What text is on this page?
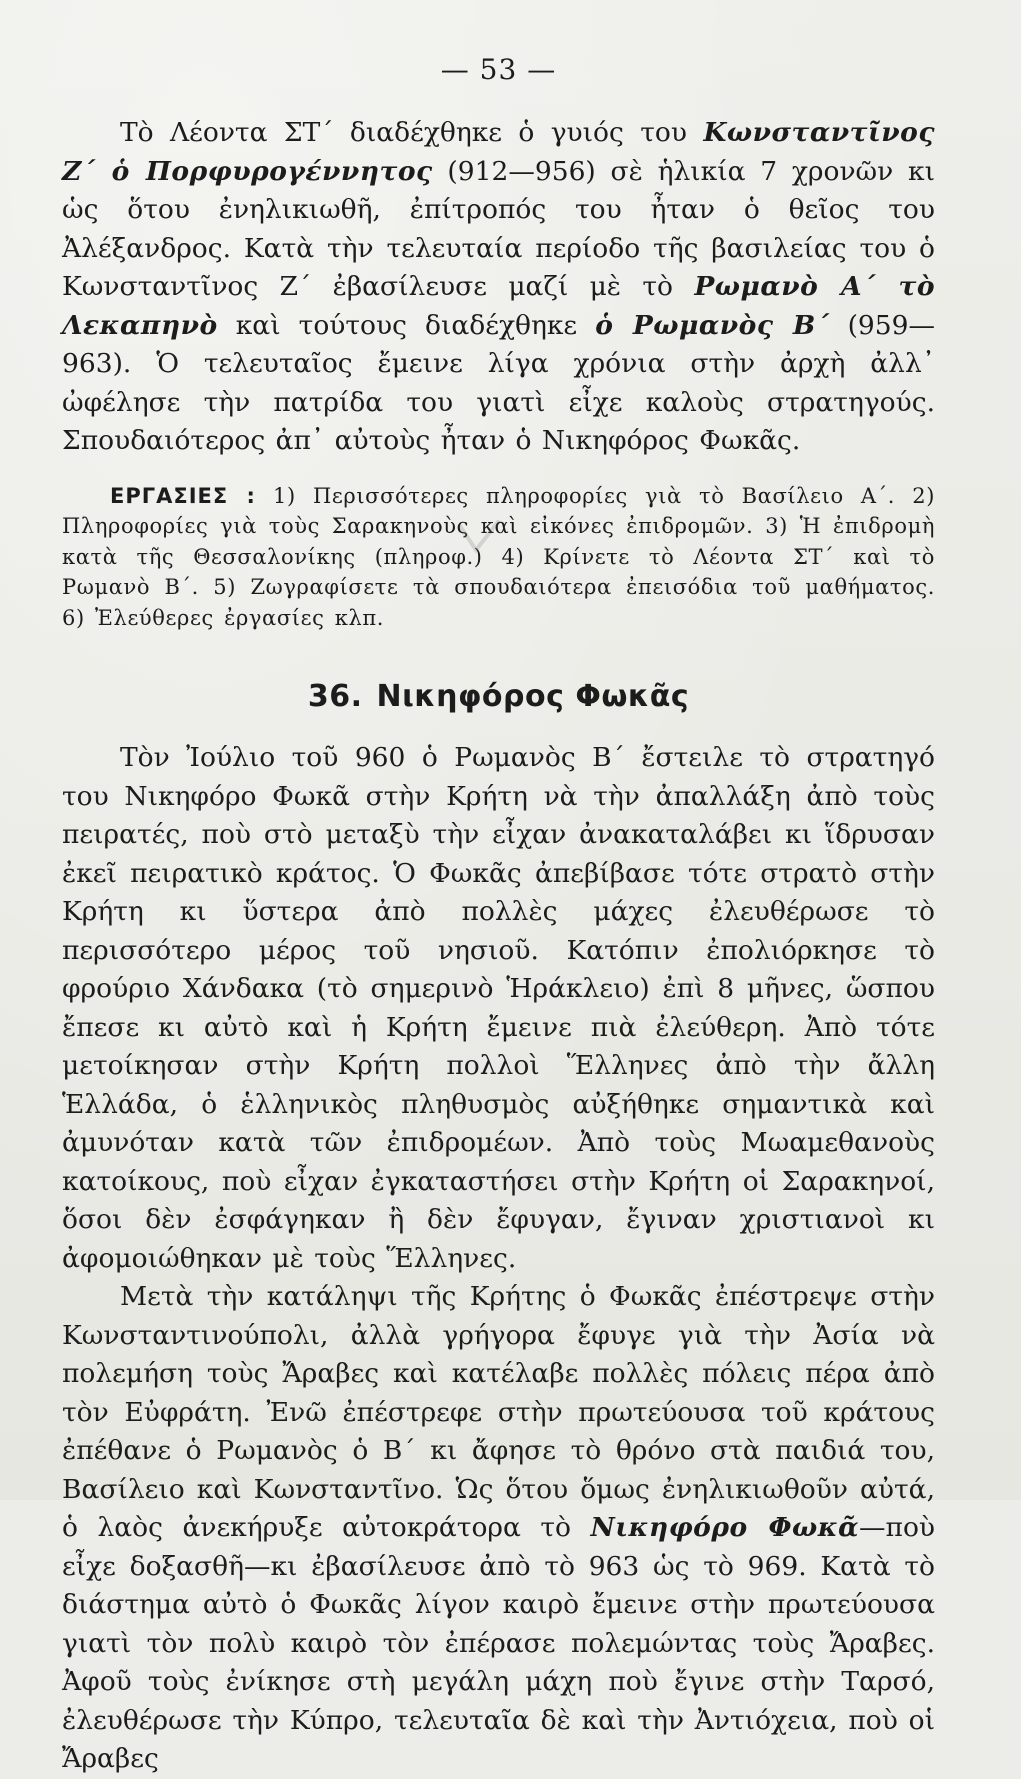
— 53 —

Τὸ Λέοντα ΣΤ΄ διαδέχθηκε ὁ γυιός του Κωνσταντῖνος Ζ΄ ὁ Πορφυρογέννητος (912—956) σὲ ἡλικία 7 χρονῶν κι ὡς ὅτου ἐνηλικιωθῆ, ἐπίτροπός του ἦταν ὁ θεῖος του Ἀλέξανδρος. Κατὰ τὴν τελευταία περίοδο τῆς βασιλείας του ὁ Κωνσταντῖνος Ζ΄ ἐβασίλευσε μαζί μὲ τὸ Ρωμανὸ Α΄ τὸ Λεκαπηνὸ καὶ τούτους διαδέχθηκε ὁ Ρωμανὸς Β΄ (959—963). Ὁ τελευταῖος ἔμεινε λίγα χρόνια στὴν ἀρχὴ ἀλλ᾿ ὠφέλησε τὴν πατρίδα του γιατὶ εἶχε καλοὺς στρατηγούς. Σπουδαιότερος ἀπ᾿ αὐτοὺς ἦταν ὁ Νικηφόρος Φωκᾶς.

ΕΡΓΑΣΙΕΣ : 1) Περισσότερες πληροφορίες γιὰ τὸ Βασίλειο Α΄. 2) Πληροφορίες γιὰ τοὺς Σαρακηνοὺς καὶ εἰκόνες ἐπιδρομῶν. 3) Ἡ ἐπιδρομὴ κατὰ τῆς Θεσσαλονίκης (πληροφ.) 4) Κρίνετε τὸ Λέοντα ΣΤ΄ καὶ τὸ Ρωμανὸ Β΄. 5) Ζωγραφίσετε τὰ σπουδαιότερα ἐπεισόδια τοῦ μαθήματος. 6) Ἐλεύθερες ἐργασίες κλπ.

36. Νικηφόρος Φωκᾶς

Τὸν Ἰούλιο τοῦ 960 ὁ Ρωμανὸς Β΄ ἔστειλε τὸ στρατηγό του Νικηφόρο Φωκᾶ στὴν Κρήτη νὰ τὴν ἀπαλλάξη ἀπὸ τοὺς πειρατές, ποὺ στὸ μεταξὺ τὴν εἶχαν ἀνακαταλάβει κι ἵδρυσαν ἐκεῖ πειρατικὸ κράτος. Ὁ Φωκᾶς ἀπεβίβασε τότε στρατὸ στὴν Κρήτη κι ὕστερα ἀπὸ πολλὲς μάχες ἐλευθέρωσε τὸ περισσότερο μέρος τοῦ νησιοῦ. Κατόπιν ἐπολιόρκησε τὸ φρούριο Χάνδακα (τὸ σημερινὸ Ἡράκλειο) ἐπὶ 8 μῆνες, ὥσπου ἔπεσε κι αὐτὸ καὶ ἡ Κρήτη ἔμεινε πιὰ ἐλεύθερη. Ἀπὸ τότε μετοίκησαν στὴν Κρήτη πολλοὶ Ἕλληνες ἀπὸ τὴν ἄλλη Ἑλλάδα, ὁ ἑλληνικὸς πληθυσμὸς αὐξήθηκε σημαντικὰ καὶ ἀμυνόταν κατὰ τῶν ἐπιδρομέων. Ἀπὸ τοὺς Μωαμεθανοὺς κατοίκους, ποὺ εἶχαν ἐγκαταστήσει στὴν Κρήτη οἱ Σαρακηνοί, ὅσοι δὲν ἐσφάγηκαν ἢ δὲν ἔφυγαν, ἔγιναν χριστιανοὶ κι ἀφομοιώθηκαν μὲ τοὺς Ἕλληνες.

Μετὰ τὴν κατάληψι τῆς Κρήτης ὁ Φωκᾶς ἐπέστρεψε στὴν Κωνσταντινούπολι, ἀλλὰ γρήγορα ἔφυγε γιὰ τὴν Ἀσία νὰ πολεμήση τοὺς Ἄραβες καὶ κατέλαβε πολλὲς πόλεις πέρα ἀπὸ τὸν Εὐφράτη. Ἐνῶ ἐπέστρεφε στὴν πρωτεύουσα τοῦ κράτους ἐπέθανε ὁ Ρωμανὸς ὁ Β΄ κι ἄφησε τὸ θρόνο στὰ παιδιά του, Βασίλειο καὶ Κωνσταντῖνο. Ὡς ὅτου ὅμως ἐνηλικιωθοῦν αὐτά, ὁ λαὸς ἀνεκήρυξε αὐτοκράτορα τὸ Νικηφόρο Φωκᾶ—ποὺ εἶχε δοξασθῆ—κι ἐβασίλευσε ἀπὸ τὸ 963 ὡς τὸ 969. Κατὰ τὸ διάστημα αὐτὸ ὁ Φωκᾶς λίγον καιρὸ ἔμεινε στὴν πρωτεύουσα γιατὶ τὸν πολὺ καιρὸ τὸν ἐπέρασε πολεμώντας τοὺς Ἄραβες. Ἀφοῦ τοὺς ἐνίκησε στὴ μεγάλη μάχη ποὺ ἔγινε στὴν Ταρσό, ἐλευθέρωσε τὴν Κύπρο, τελευταῖα δὲ καὶ τὴν Ἀντιόχεια, ποὺ οἱ Ἄραβες
